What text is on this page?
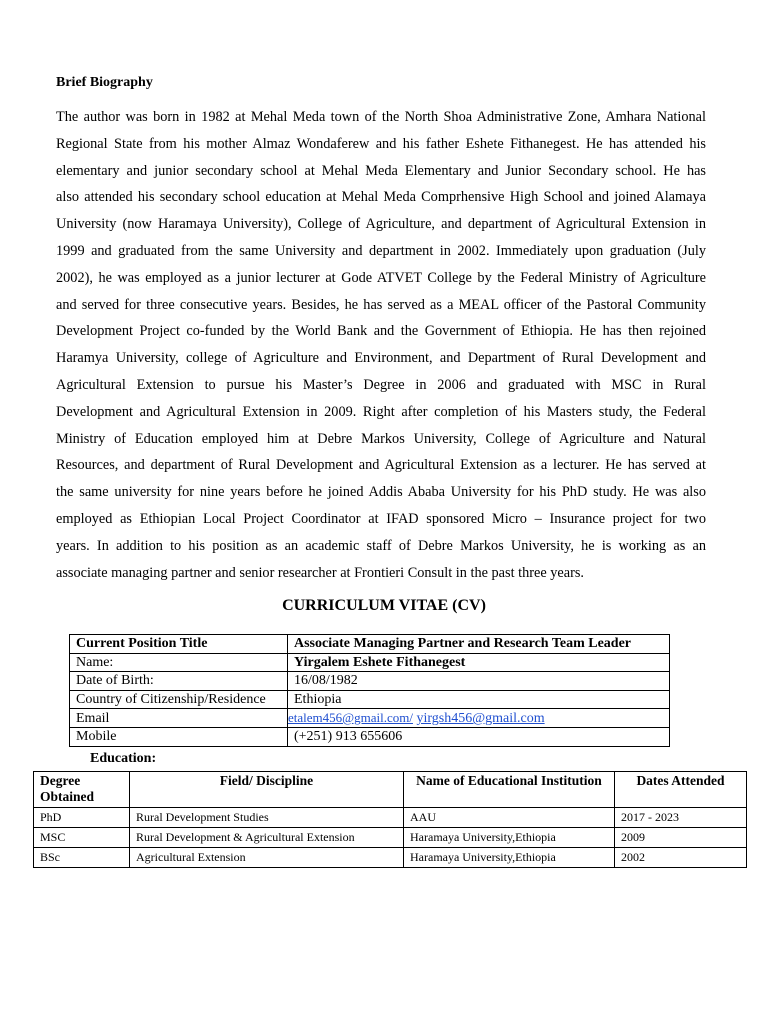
Brief Biography
The author was born in 1982 at Mehal Meda town of the North Shoa Administrative Zone, Amhara National
Regional State from his mother Almaz Wondaferew and his father Eshete Fithanegest. He has attended his
elementary and junior secondary school at Mehal Meda Elementary and Junior Secondary school. He has
also attended his secondary school education at Mehal Meda Comprhensive High School and joined Alamaya
University (now Haramaya University), College of Agriculture, and department of Agricultural Extension in
1999 and graduated from the same University and department in 2002. Immediately upon graduation (July
2002), he was employed as a junior lecturer at Gode ATVET College by the Federal Ministry of Agriculture
and served for three consecutive years. Besides, he has served as a MEAL officer of the Pastoral Community
Development Project co-funded by the World Bank and the Government of Ethiopia. He has then rejoined
Haramya University, college of Agriculture and Environment, and Department of Rural Development and
Agricultural Extension to pursue his Master’s Degree in 2006 and graduated with MSC in Rural
Development and Agricultural Extension in 2009. Right after completion of his Masters study, the Federal
Ministry of Education employed him at Debre Markos University, College of Agriculture and Natural
Resources, and department of Rural Development and Agricultural Extension as a lecturer. He has served at
the same university for nine years before he joined Addis Ababa University for his PhD study. He was also
employed as Ethiopian Local Project Coordinator at IFAD sponsored Micro – Insurance project for two
years. In addition to his position as an academic staff of Debre Markos University, he is working as an
associate managing partner and senior researcher at Frontieri Consult in the past three years.
CURRICULUM VITAE (CV)
Current Position Title	Associate Managing Partner and Research Team Leader
Name:	Yirgalem Eshete Fithanegest
Date of Birth:	16/08/1982
Country of Citizenship/Residence	Ethiopia
Email	etalem456@gmail.com/ yirgsh456@gmail.com
Mobile	(+251) 913 655606
Education:
Degree Obtained	Field/ Discipline	Name of Educational Institution	Dates Attended
PhD	Rural Development Studies	AAU	2017 - 2023
MSC	Rural Development & Agricultural Extension	Haramaya University,Ethiopia	2009
BSc	Agricultural Extension	Haramaya University,Ethiopia	2002
